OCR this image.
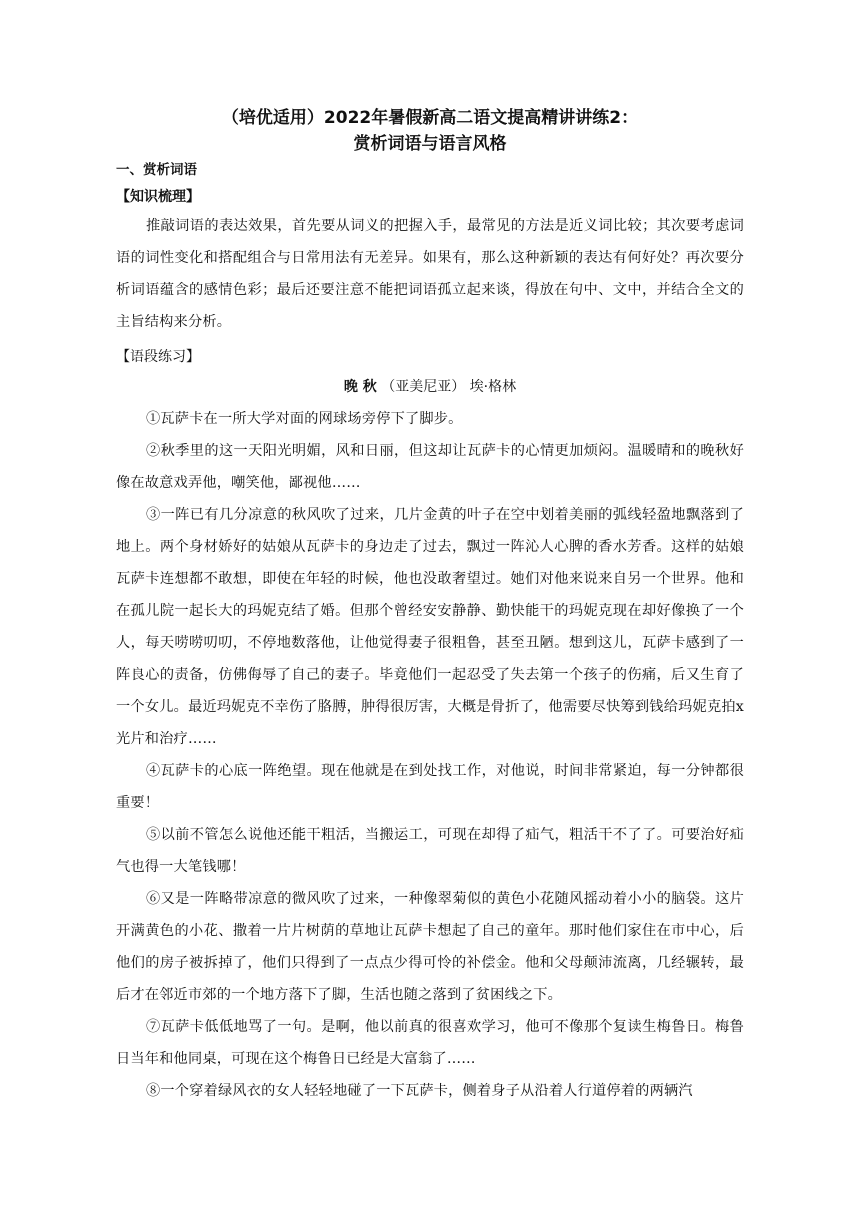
（培优适用）2022年暑假新高二语文提高精讲讲练2：
赏析词语与语言风格
一、赏析词语
【知识梳理】
推敲词语的表达效果，首先要从词义的把握入手，最常见的方法是近义词比较；其次要考虑词语的词性变化和搭配组合与日常用法有无差异。如果有，那么这种新颖的表达有何好处？再次要分析词语蕴含的感情色彩；最后还要注意不能把词语孤立起来谈，得放在句中、文中，并结合全文的主旨结构来分析。
【语段练习】
晚 秋 （亚美尼亚） 埃·格林
①瓦萨卡在一所大学对面的网球场旁停下了脚步。
②秋季里的这一天阳光明媚，风和日丽，但这却让瓦萨卡的心情更加烦闷。温暖晴和的晚秋好像在故意戏弄他，嘲笑他，鄙视他……
③一阵已有几分凉意的秋风吹了过来，几片金黄的叶子在空中划着美丽的弧线轻盈地飘落到了地上。两个身材娇好的姑娘从瓦萨卡的身边走了过去，飘过一阵沁人心脾的香水芳香。这样的姑娘瓦萨卡连想都不敢想，即使在年轻的时候，他也没敢奢望过。她们对他来说来自另一个世界。他和在孤儿院一起长大的玛妮克结了婚。但那个曾经安安静静、勤快能干的玛妮克现在却好像换了一个人，每天唠唠叨叨，不停地数落他，让他觉得妻子很粗鲁，甚至丑陋。想到这儿，瓦萨卡感到了一阵良心的责备，仿佛侮辱了自己的妻子。毕竟他们一起忍受了失去第一个孩子的伤痛，后又生育了一个女儿。最近玛妮克不幸伤了胳膊，肿得很厉害，大概是骨折了，他需要尽快筹到钱给玛妮克拍x光片和治疗……
④瓦萨卡的心底一阵绝望。现在他就是在到处找工作，对他说，时间非常紧迫，每一分钟都很重要！
⑤以前不管怎么说他还能干粗活，当搬运工，可现在却得了疝气，粗活干不了了。可要治好疝气也得一大笔钱哪！
⑥又是一阵略带凉意的微风吹了过来，一种像翠菊似的黄色小花随风摇动着小小的脑袋。这片开满黄色的小花、撒着一片片树荫的草地让瓦萨卡想起了自己的童年。那时他们家住在市中心，后他们的房子被拆掉了，他们只得到了一点点少得可怜的补偿金。他和父母颠沛流离，几经辗转，最后才在邻近市郊的一个地方落下了脚，生活也随之落到了贫困线之下。
⑦瓦萨卡低低地骂了一句。是啊，他以前真的很喜欢学习，他可不像那个复读生梅鲁日。梅鲁日当年和他同桌，可现在这个梅鲁日已经是大富翁了……
⑧一个穿着绿风衣的女人轻轻地碰了一下瓦萨卡，侧着身子从沿着人行道停着的两辆汽
